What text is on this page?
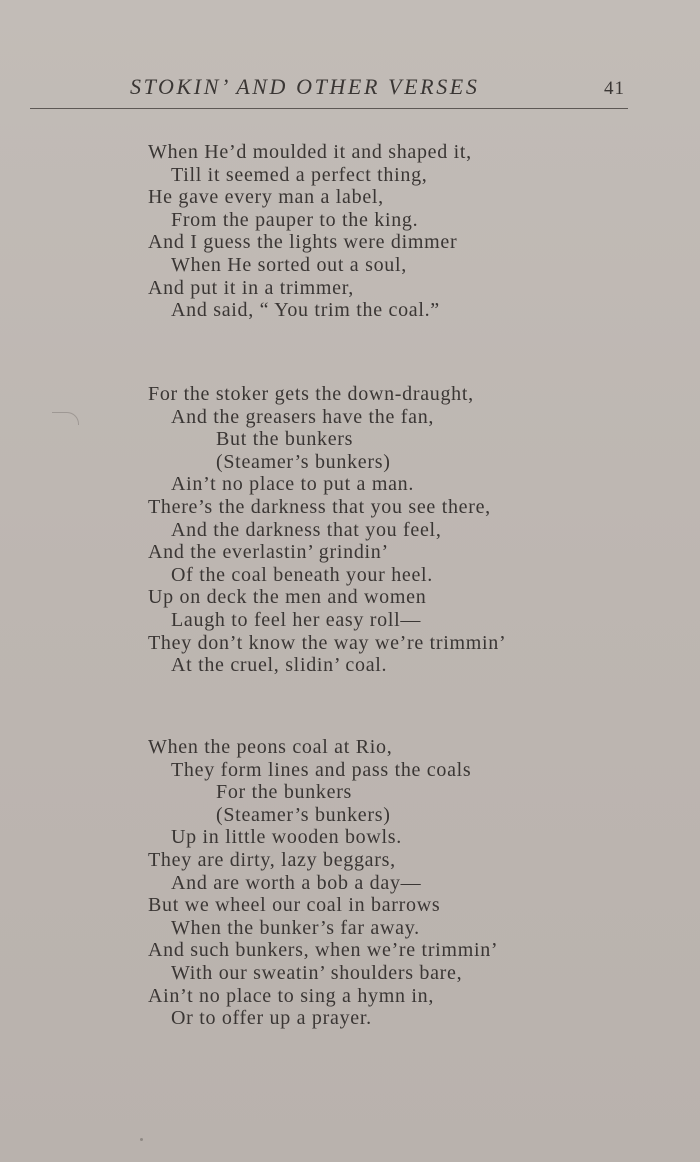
STOKIN’ AND OTHER VERSES	41
When He’d moulded it and shaped it,
Till it seemed a perfect thing,
He gave every man a label,
From the pauper to the king.
And I guess the lights were dimmer
When He sorted out a soul,
And put it in a trimmer,
And said, “ You trim the coal.”
For the stoker gets the down-draught,
And the greasers have the fan,
But the bunkers
(Steamer’s bunkers)
Ain’t no place to put a man.
There’s the darkness that you see there,
And the darkness that you feel,
And the everlastin’ grindin’
Of the coal beneath your heel.
Up on deck the men and women
Laugh to feel her easy roll—
They don’t know the way we’re trimmin’
At the cruel, slidin’ coal.
When the peons coal at Rio,
They form lines and pass the coals
For the bunkers
(Steamer’s bunkers)
Up in little wooden bowls.
They are dirty, lazy beggars,
And are worth a bob a day—
But we wheel our coal in barrows
When the bunker’s far away.
And such bunkers, when we’re trimmin’
With our sweatin’ shoulders bare,
Ain’t no place to sing a hymn in,
Or to offer up a prayer.
